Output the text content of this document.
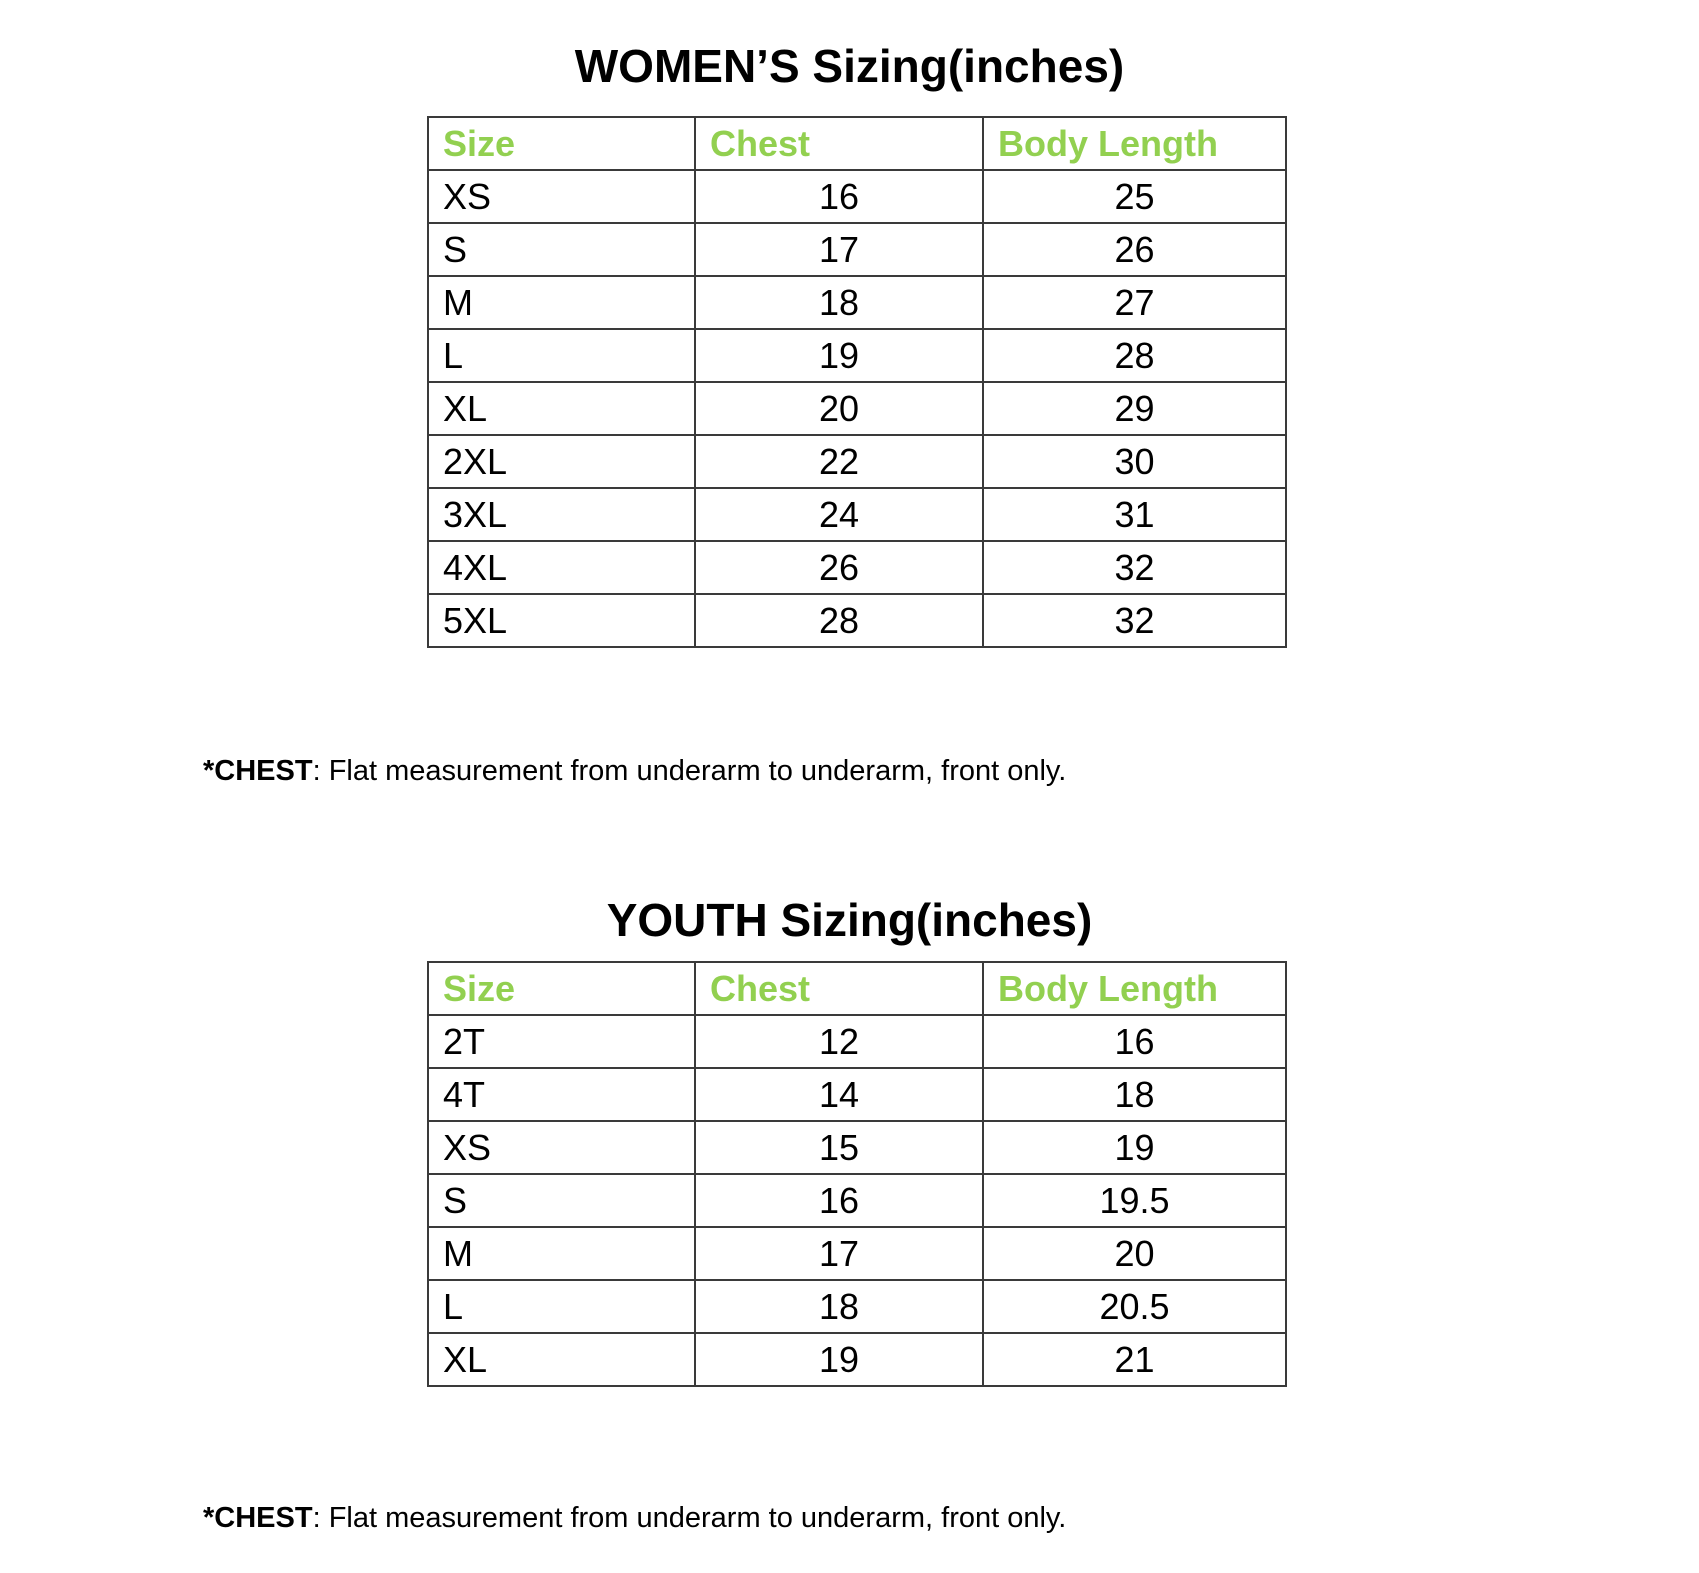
WOMEN’S Sizing(inches)
Size	Chest	Body Length
XS	16	25
S	17	26
M	18	27
L	19	28
XL	20	29
2XL	22	30
3XL	24	31
4XL	26	32
5XL	28	32

*CHEST: Flat measurement from underarm to underarm, front only.

YOUTH Sizing(inches)
Size	Chest	Body Length
2T	12	16
4T	14	18
XS	15	19
S	16	19.5
M	17	20
L	18	20.5
XL	19	21

*CHEST: Flat measurement from underarm to underarm, front only.
